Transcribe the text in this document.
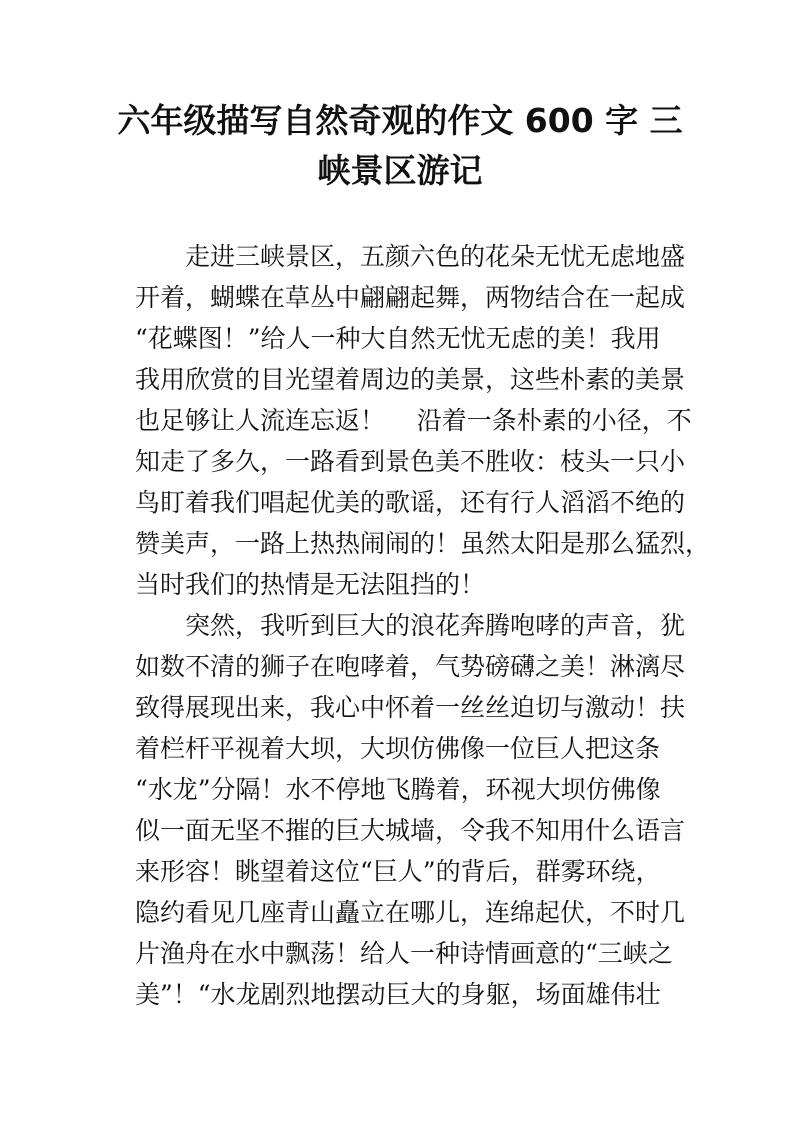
六年级描写自然奇观的作文 600 字 三
峡景区游记
走进三峡景区，五颜六色的花朵无忧无虑地盛
开着，蝴蝶在草丛中翩翩起舞，两物结合在一起成
“花蝶图！”给人一种大自然无忧无虑的美！我用
我用欣赏的目光望着周边的美景，这些朴素的美景
也足够让人流连忘返！    沿着一条朴素的小径，不
知走了多久，一路看到景色美不胜收：枝头一只小
鸟盯着我们唱起优美的歌谣，还有行人滔滔不绝的
赞美声，一路上热热闹闹的！虽然太阳是那么猛烈，
当时我们的热情是无法阻挡的！
突然，我听到巨大的浪花奔腾咆哮的声音，犹
如数不清的狮子在咆哮着，气势磅礴之美！淋漓尽
致得展现出来，我心中怀着一丝丝迫切与激动！扶
着栏杆平视着大坝，大坝仿佛像一位巨人把这条
“水龙”分隔！水不停地飞腾着，环视大坝仿佛像
似一面无坚不摧的巨大城墙，令我不知用什么语言
来形容！眺望着这位“巨人”的背后，群雾环绕，
隐约看见几座青山矗立在哪儿，连绵起伏，不时几
片渔舟在水中飘荡！给人一种诗情画意的“三峡之
美”！“水龙剧烈地摆动巨大的身躯，场面雄伟壮
